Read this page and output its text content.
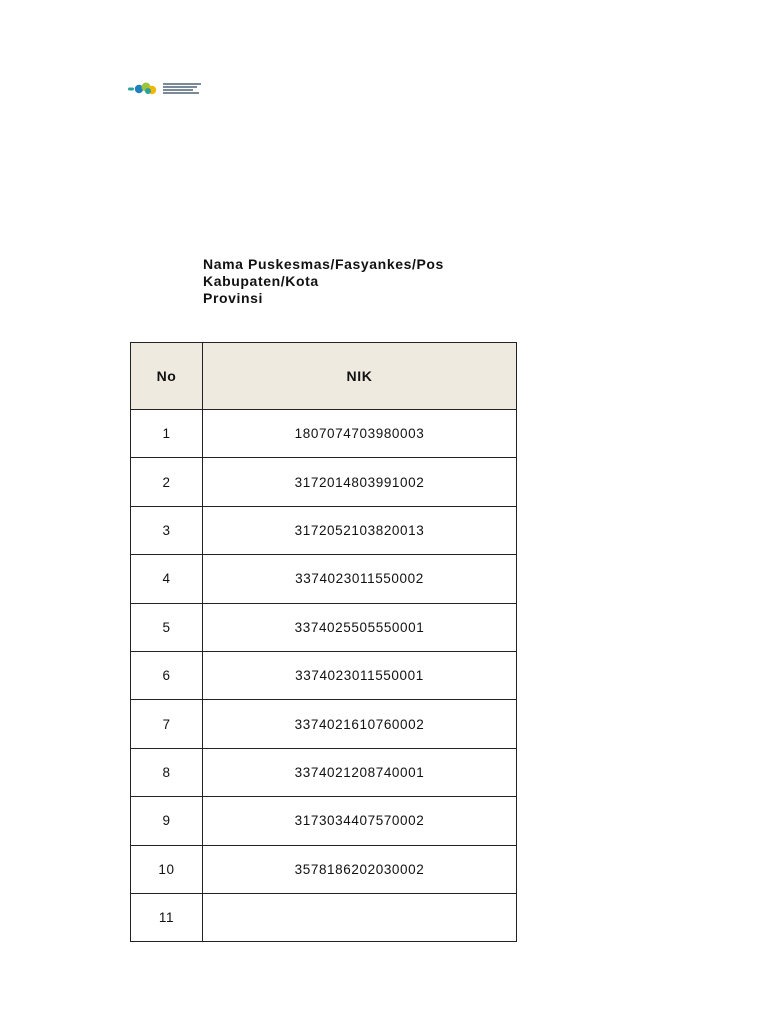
Nama Puskesmas/Fasyankes/Pos
Kabupaten/Kota
Provinsi
No	NIK
1	1807074703980003
2	3172014803991002
3	3172052103820013
4	3374023011550002
5	3374025505550001
6	3374023011550001
7	3374021610760002
8	3374021208740001
9	3173034407570002
10	3578186202030002
11	
